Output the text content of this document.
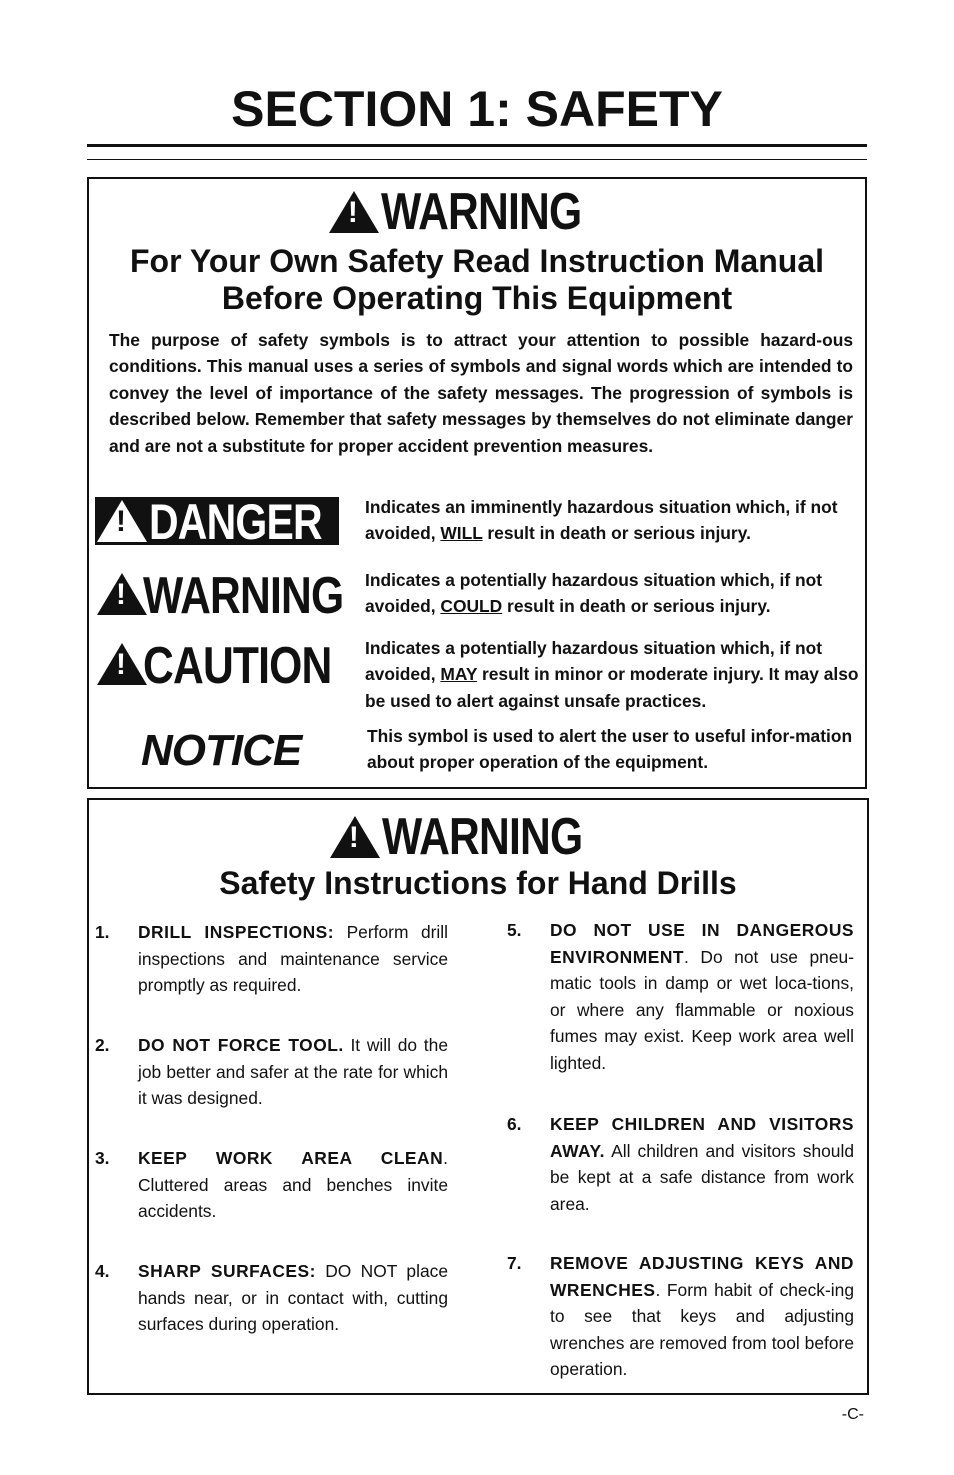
SECTION 1: SAFETY
!
WARNING
For Your Own Safety Read Instruction Manual
Before Operating This Equipment
The purpose of safety symbols is to attract your attention to possible hazard-ous conditions. This manual uses a series of symbols and signal words which are intended to convey the level of importance of the safety messages. The progression of symbols is described below. Remember that safety messages by themselves do not eliminate danger and are not a substitute for proper accident prevention measures.
!
DANGER Indicates an imminently hazardous situation which, if not avoided, WILL result in death or serious injury.
!
WARNING Indicates a potentially hazardous situation which, if not avoided, COULD result in death or serious injury.
!
CAUTION Indicates a potentially hazardous situation which, if not avoided, MAY result in minor or moderate injury. It may also be used to alert against unsafe practices.
NOTICE	This symbol is used to alert the user to useful infor-mation about proper operation of the equipment.
!
WARNING
Safety Instructions for Hand Drills
1. DRILL INSPECTIONS: Perform drill inspections and maintenance service promptly as required.
2. DO NOT FORCE TOOL. It will do the job better and safer at the rate for which it was designed.
3. KEEP WORK AREA CLEAN. Cluttered areas and benches invite accidents.
4. SHARP SURFACES: DO NOT place hands near, or in contact with, cutting surfaces during operation.
5. DO NOT USE IN DANGEROUS ENVIRONMENT. Do not use pneu-matic tools in damp or wet loca-tions, or where any flammable or noxious fumes may exist. Keep work area well lighted.
6. KEEP CHILDREN AND VISITORS AWAY. All children and visitors should be kept at a safe distance from work area.
7. REMOVE ADJUSTING KEYS AND WRENCHES. Form habit of check-ing to see that keys and adjusting wrenches are removed from tool before operation.
-C-
